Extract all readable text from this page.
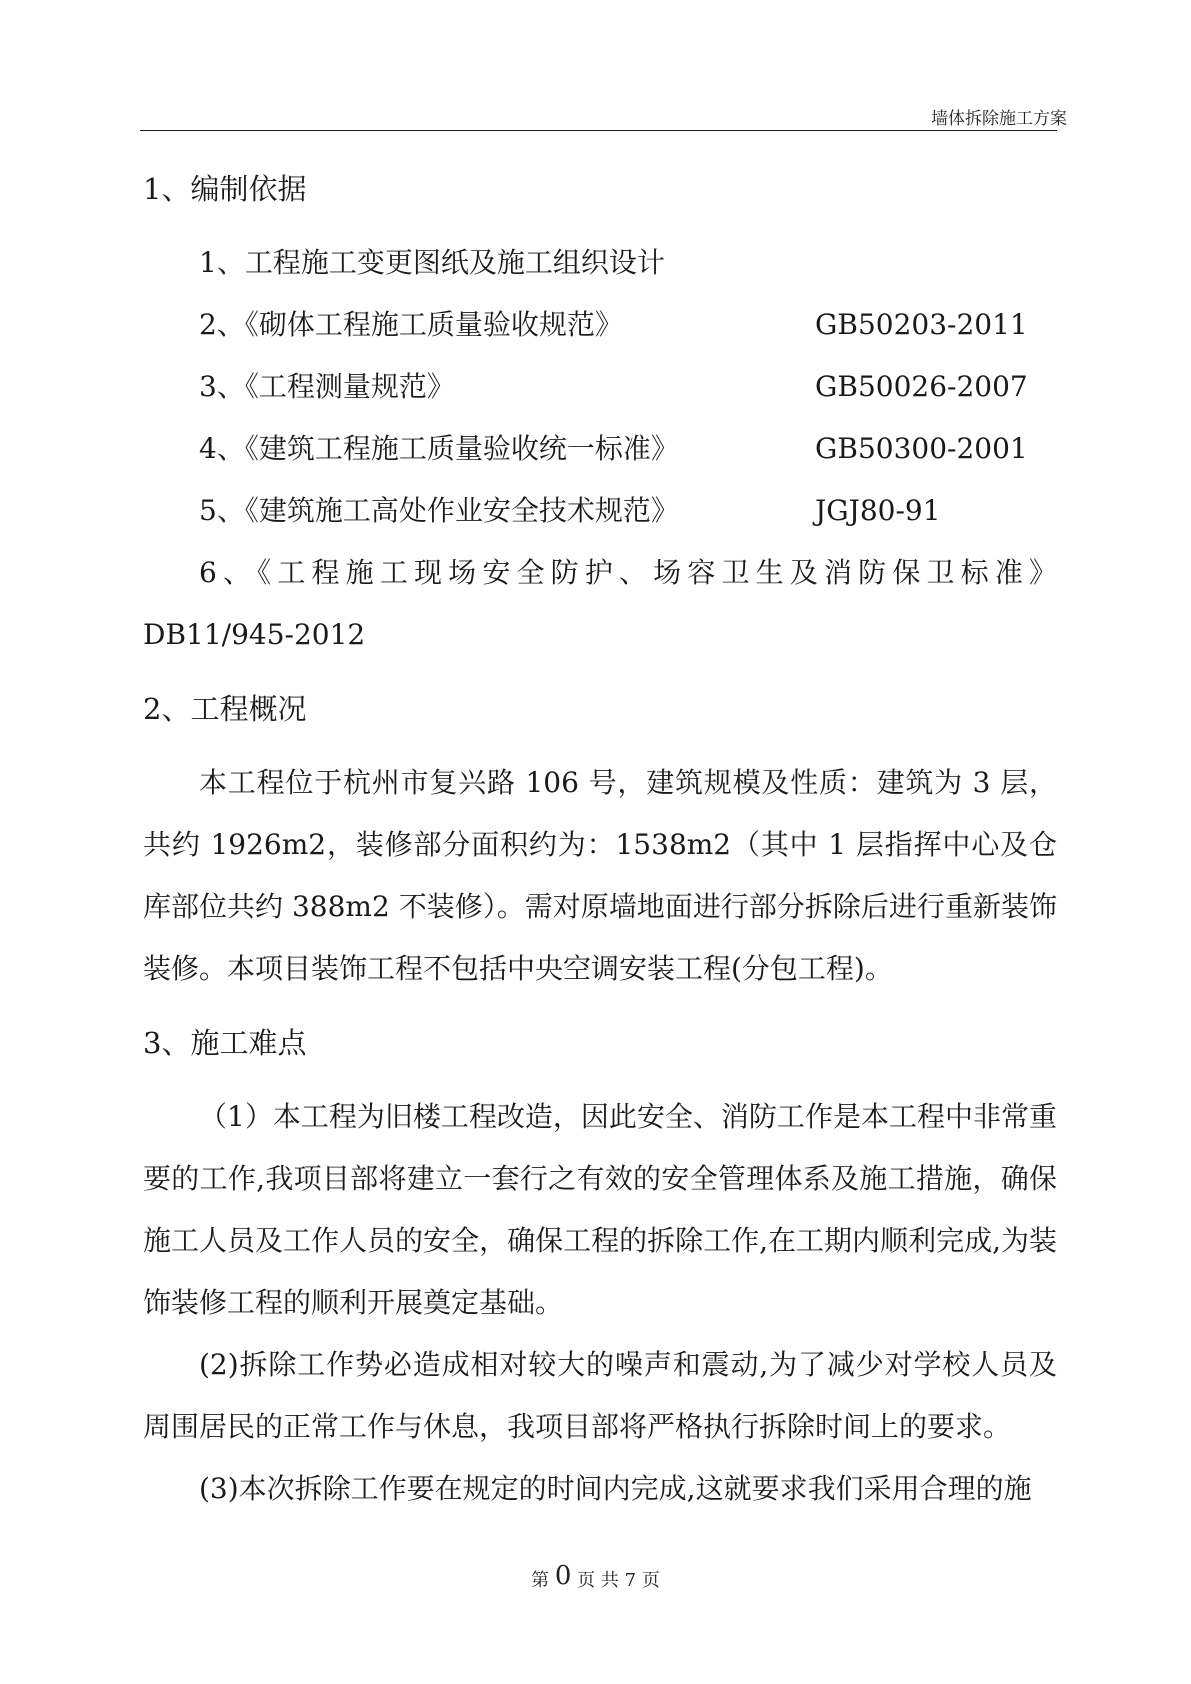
墙体拆除施工方案
1、编制依据
1、工程施工变更图纸及施工组织设计
2、《砌体工程施工质量验收规范》	GB50203-2011
3、《工程测量规范》	GB50026-2007
4、《建筑工程施工质量验收统一标准》	GB50300-2001
5、《建筑施工高处作业安全技术规范》	JGJ80-91
6、《工程施工现场安全防护、场容卫生及消防保卫标准》
DB11/945-2012
2、工程概况
本工程位于杭州市复兴路 106 号，建筑规模及性质：建筑为 3 层，共约 1926m2，装修部分面积约为：1538m2（其中 1 层指挥中心及仓库部位共约 388m2 不装修）。需对原墙地面进行部分拆除后进行重新装饰装修。本项目装饰工程不包括中央空调安装工程(分包工程)。
3、施工难点
（1）本工程为旧楼工程改造，因此安全、消防工作是本工程中非常重要的工作,我项目部将建立一套行之有效的安全管理体系及施工措施，确保施工人员及工作人员的安全，确保工程的拆除工作,在工期内顺利完成,为装饰装修工程的顺利开展奠定基础。
(2)拆除工作势必造成相对较大的噪声和震动,为了减少对学校人员及周围居民的正常工作与休息，我项目部将严格执行拆除时间上的要求。
(3)本次拆除工作要在规定的时间内完成,这就要求我们采用合理的施
第 0 页 共 7 页
